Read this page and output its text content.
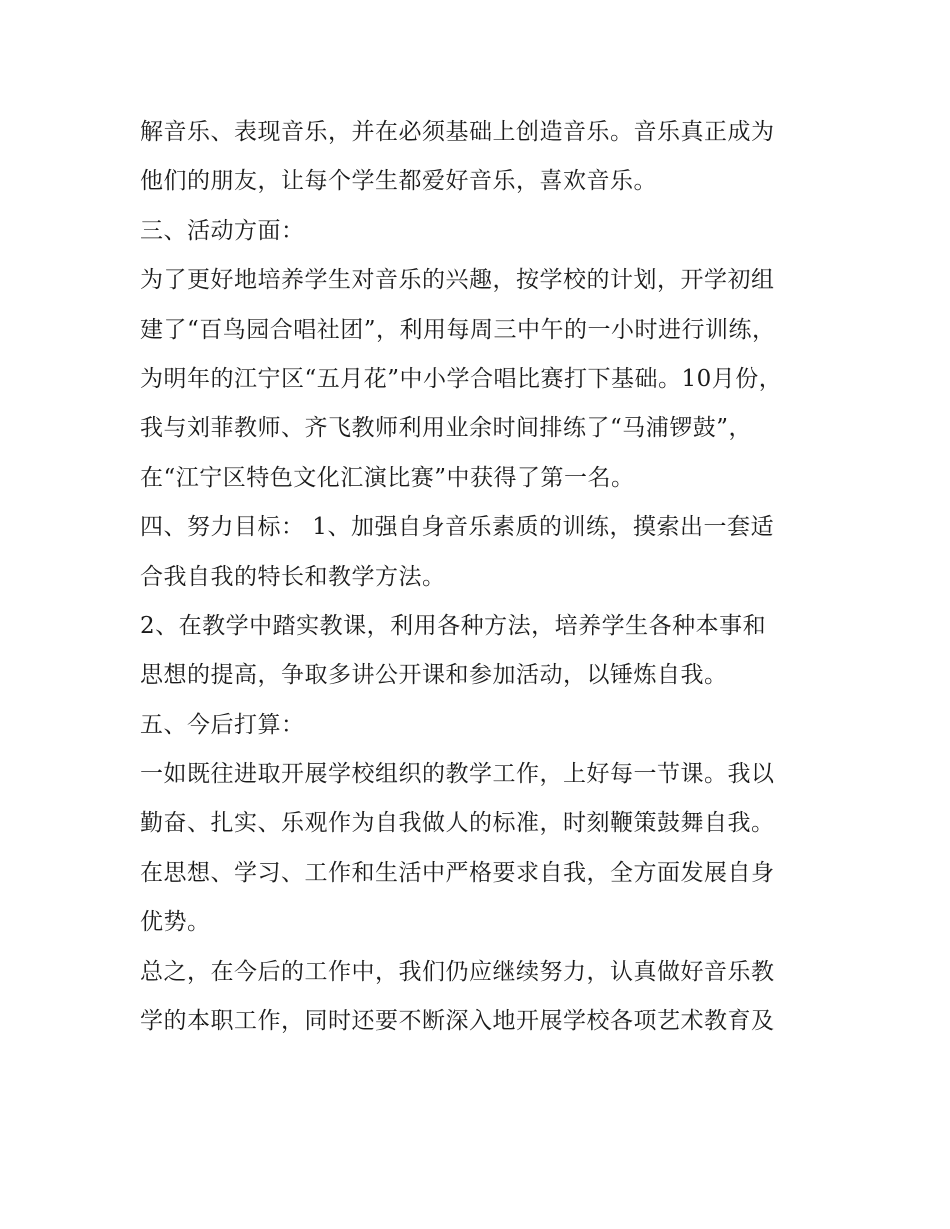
解音乐、表现音乐，并在必须基础上创造音乐。音乐真正成为
他们的朋友，让每个学生都爱好音乐，喜欢音乐。
三、活动方面：
为了更好地培养学生对音乐的兴趣，按学校的计划，开学初组
建了“百鸟园合唱社团”，利用每周三中午的一小时进行训练，
为明年的江宁区“五月花”中小学合唱比赛打下基础。10月份，
我与刘菲教师、齐飞教师利用业余时间排练了“马浦锣鼓”，
在“江宁区特色文化汇演比赛”中获得了第一名。
四、努力目标： 1、加强自身音乐素质的训练，摸索出一套适
合我自我的特长和教学方法。
2、在教学中踏实教课，利用各种方法，培养学生各种本事和
思想的提高，争取多讲公开课和参加活动，以锤炼自我。
五、今后打算：
一如既往进取开展学校组织的教学工作，上好每一节课。我以
勤奋、扎实、乐观作为自我做人的标准，时刻鞭策鼓舞自我。
在思想、学习、工作和生活中严格要求自我，全方面发展自身
优势。
总之，在今后的工作中，我们仍应继续努力，认真做好音乐教
学的本职工作，同时还要不断深入地开展学校各项艺术教育及
